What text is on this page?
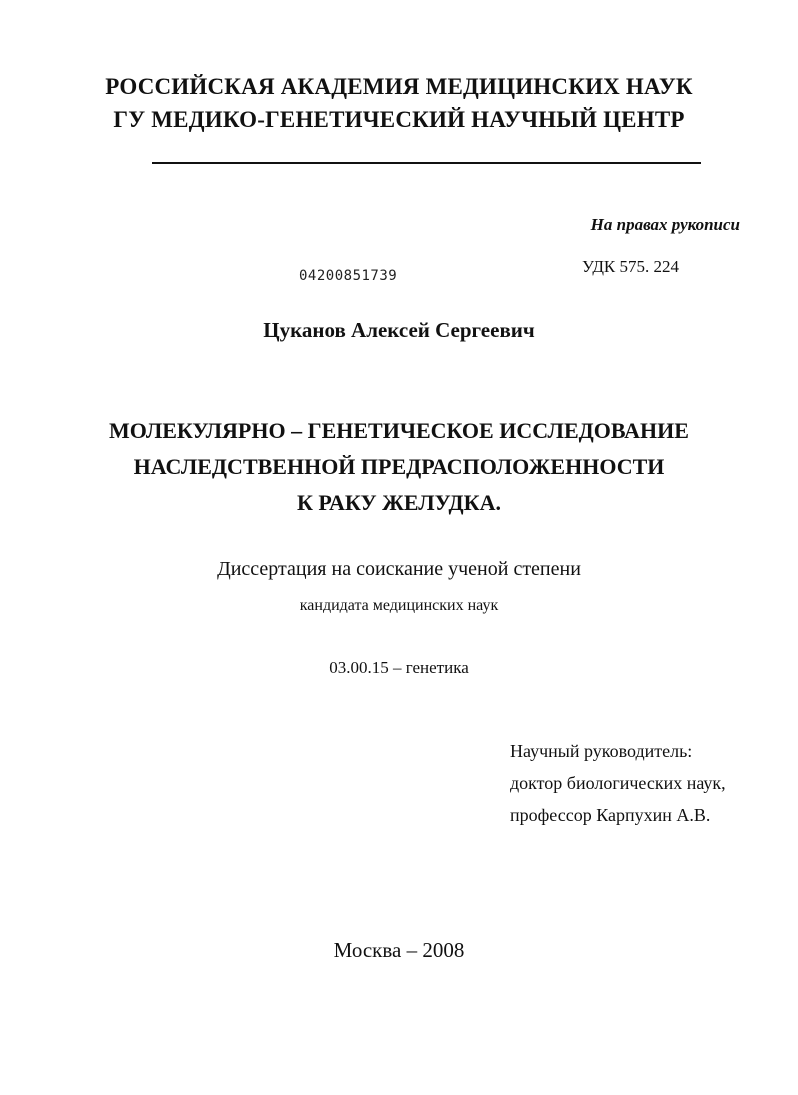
РОССИЙСКАЯ АКАДЕМИЯ МЕДИЦИНСКИХ НАУК
ГУ МЕДИКО-ГЕНЕТИЧЕСКИЙ НАУЧНЫЙ ЦЕНТР
На правах рукописи
УДК 575. 224
04200851739
Цуканов Алексей Сергеевич
МОЛЕКУЛЯРНО – ГЕНЕТИЧЕСКОЕ ИССЛЕДОВАНИЕ
НАСЛЕДСТВЕННОЙ ПРЕДРАСПОЛОЖЕННОСТИ
К РАКУ ЖЕЛУДКА.
Диссертация на соискание ученой степени
кандидата медицинских наук
03.00.15 – генетика
Научный руководитель:
доктор биологических наук,
профессор Карпухин А.В.
Москва – 2008
